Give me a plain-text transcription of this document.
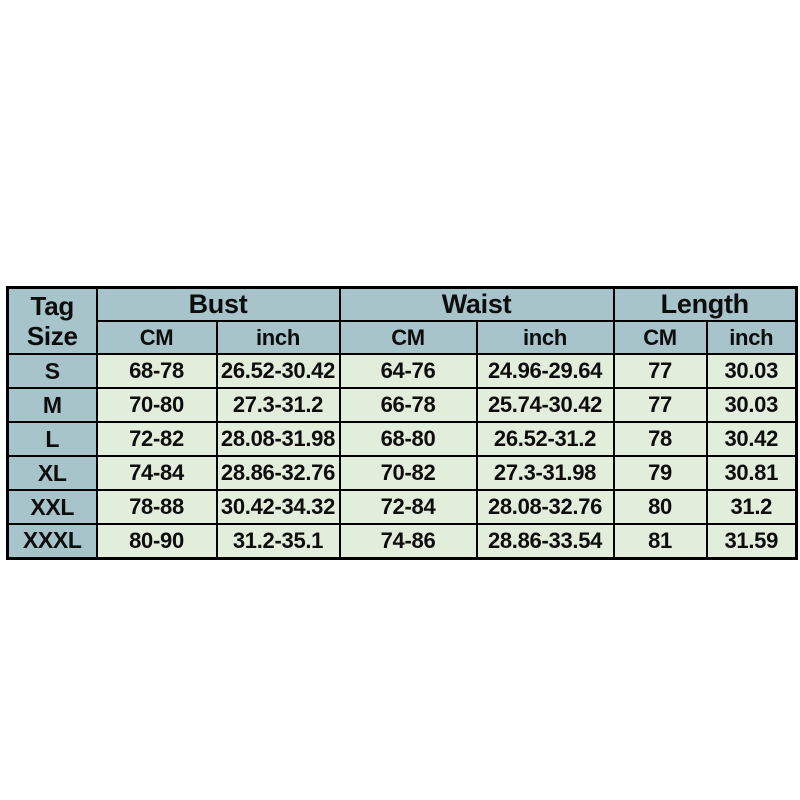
Tag
Size	Bust		Waist		Length	
	CM	inch	CM	inch	CM	inch
S	68-78	26.52-30.42	64-76	24.96-29.64	77	30.03
M	70-80	27.3-31.2	66-78	25.74-30.42	77	30.03
L	72-82	28.08-31.98	68-80	26.52-31.2	78	30.42
XL	74-84	28.86-32.76	70-82	27.3-31.98	79	30.81
XXL	78-88	30.42-34.32	72-84	28.08-32.76	80	31.2
XXXL	80-90	31.2-35.1	74-86	28.86-33.54	81	31.59
